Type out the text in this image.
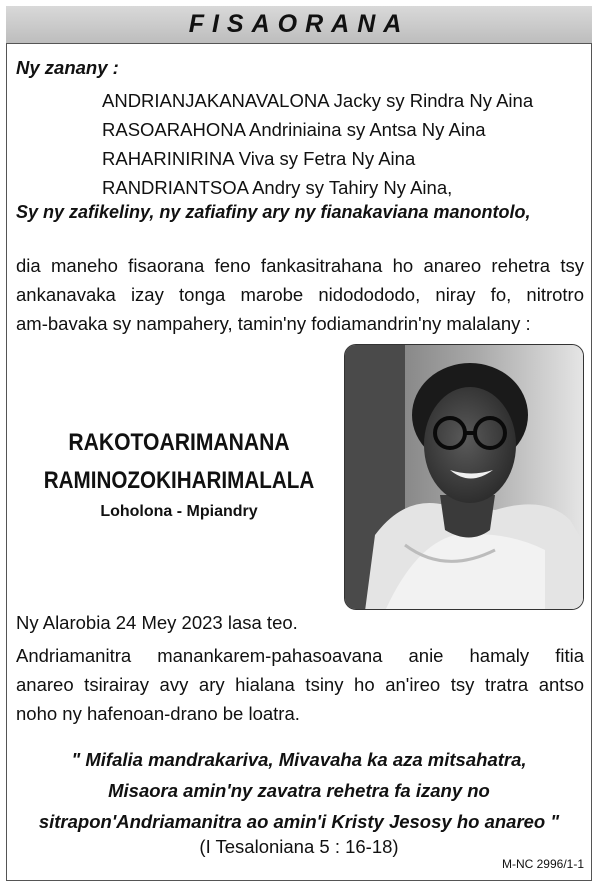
FISAORANA
Ny zanany :
ANDRIANJAKANAVALONA Jacky sy Rindra Ny Aina
RASOARAHONA Andriniaina sy Antsa Ny Aina
RAHARINIRINA Viva sy Fetra Ny Aina
RANDRIANTSOA Andry sy Tahiry Ny Aina,
Sy ny zafikeliny, ny zafiafiny ary ny fianakaviana manontolo,
dia maneho fisaorana feno fankasitrahana ho anareo rehetra tsy
ankanavaka izay tonga marobe nidodododo, niray fo, nitrotro
am-bavaka sy nampahery, tamin'ny fodiamandrin'ny malalany :
RAKOTOARIMANANA
RAMINOZOKIHARIMALALA
Loholona - Mpiandry
Ny Alarobia 24 Mey 2023 lasa teo.
Andriamanitra manankarem-pahasoavana anie hamaly fitia
anareo tsirairay avy ary hialana tsiny ho an'ireo tsy tratra antso
noho ny hafenoan-drano be loatra.
" Mifalia mandrakariva, Mivavaha ka aza mitsahatra,
Misaora amin'ny zavatra rehetra fa izany no
sitrapon'Andriamanitra ao amin'i Kristy Jesosy ho anareo "
(I Tesaloniana 5 : 16-18)
M-NC 2996/1-1
